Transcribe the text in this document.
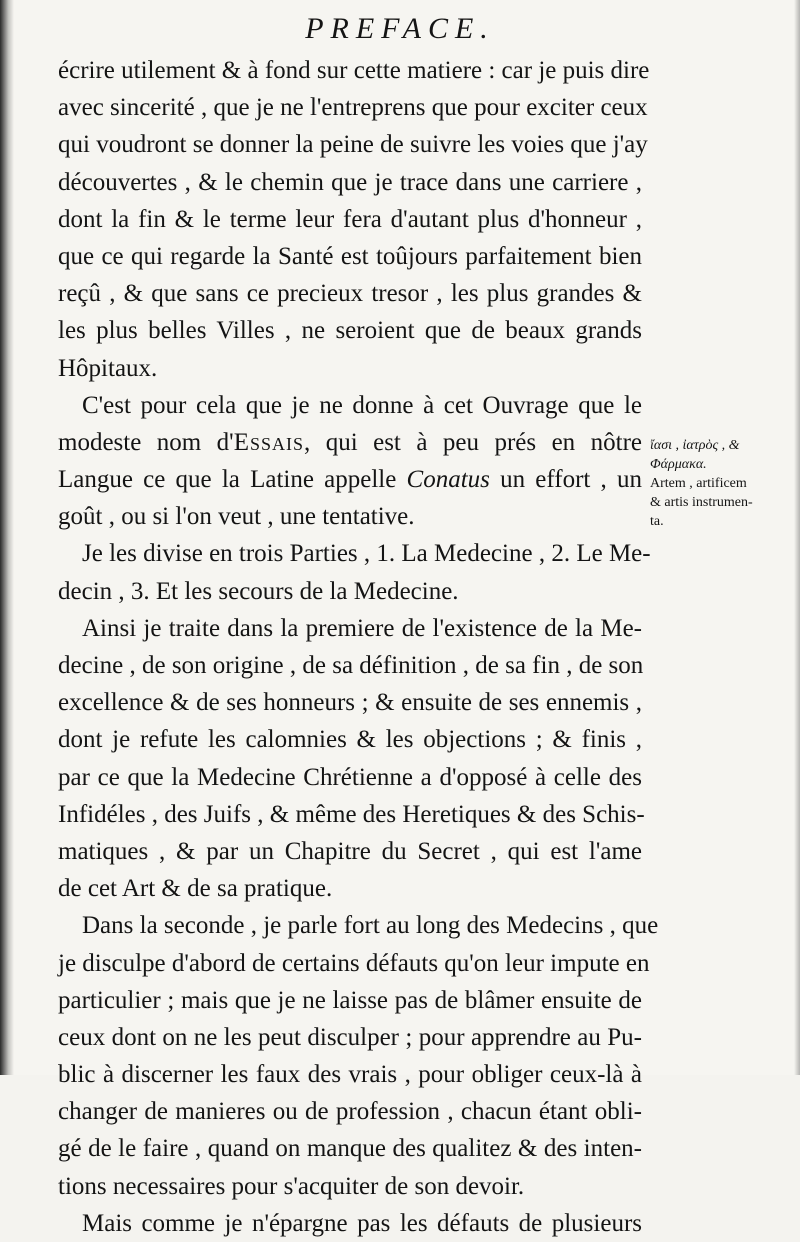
PREFACE.
écrire utilement & à fond sur cette matiere : car je puis dire
avec sincerité , que je ne l'entreprens que pour exciter ceux
qui voudront se donner la peine de suivre les voies que j'ay
découvertes , & le chemin que je trace dans une carriere ,
dont la fin & le terme leur fera d'autant plus d'honneur ,
que ce qui regarde la Santé est toûjours parfaitement bien
reçû , & que sans ce precieux tresor , les plus grandes &
les plus belles Villes , ne seroient que de beaux grands
Hôpitaux.
C'est pour cela que je ne donne à cet Ouvrage que le
modeste nom d'Essais, qui est à peu prés en nôtre
Langue ce que la Latine appelle Conatus un effort , un
goût , ou si l'on veut , une tentative.
Je les divise en trois Parties , 1. La Medecine , 2. Le Me-
decin , 3. Et les secours de la Medecine.
Ainsi je traite dans la premiere de l'existence de la Me-
decine , de son origine , de sa définition , de sa fin , de son
excellence & de ses honneurs ; & ensuite de ses ennemis ,
dont je refute les calomnies & les objections ; & finis ,
par ce que la Medecine Chrétienne a d'opposé à celle des
Infidéles , des Juifs , & même des Heretiques & des Schis-
matiques , & par un Chapitre du Secret , qui est l'ame
de cet Art & de sa pratique.
Dans la seconde , je parle fort au long des Medecins , que
je disculpe d'abord de certains défauts qu'on leur impute en
particulier ; mais que je ne laisse pas de blâmer ensuite de
ceux dont on ne les peut disculper ; pour apprendre au Pu-
blic à discerner les faux des vrais , pour obliger ceux-là à
changer de manieres ou de profession , chacun étant obli-
gé de le faire , quand on manque des qualitez & des inten-
tions necessaires pour s'acquiter de son devoir.
Mais comme je n'épargne pas les défauts de plusieurs
ἴασι , ἰατρὸς , &
Φάρμακα.
Artem , artificem
& artis instrumen-
ta.
